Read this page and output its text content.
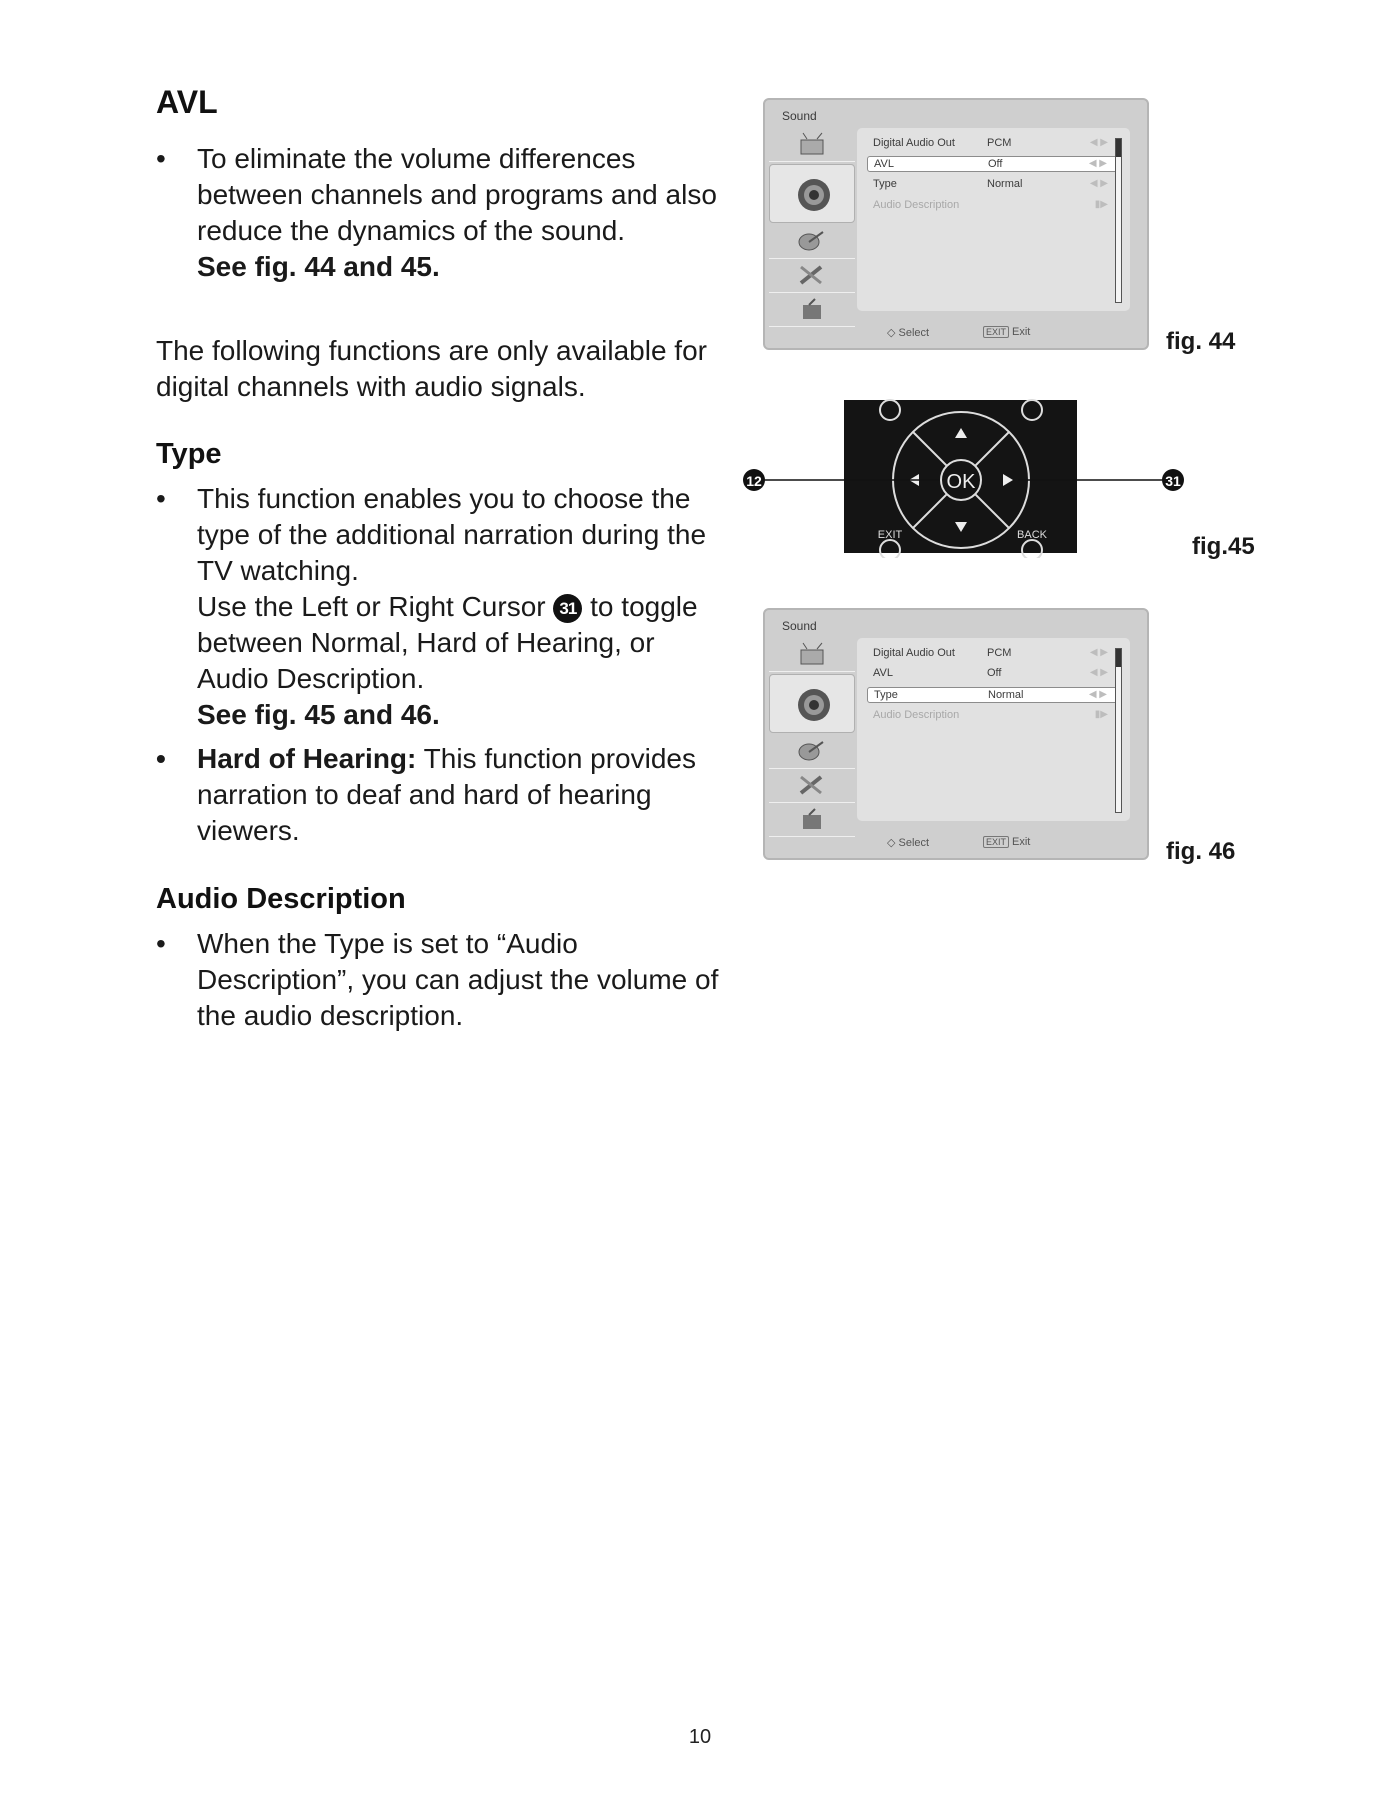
AVL
• To eliminate the volume differences between channels and programs and also reduce the dynamics of the sound.
See fig. 44 and 45.
The following functions are only available for digital channels with audio signals.
Type
• This function enables you to choose the type of the additional narration during the TV watching.
Use the Left or Right Cursor 31 to toggle between Normal, Hard of Hearing, or Audio Description.
See fig. 45 and 46.
• Hard of Hearing: This function provides narration to deaf and hard of hearing viewers.
Audio Description
• When the Type is set to “Audio Description”, you can adjust the volume of the audio description.
Sound
Digital Audio Out	PCM	◀ ▶
AVL	Off	◀ ▶
Type	Normal	◀ ▶
Audio Description	▮▶
◇ Select	EXIT Exit	fig. 44
OK
EXIT	BACK
12	31
fig.45
Sound
Digital Audio Out	PCM	◀ ▶
AVL	Off	◀ ▶
Type	Normal	◀ ▶
Audio Description	▮▶
◇ Select	EXIT Exit	fig. 46
10
